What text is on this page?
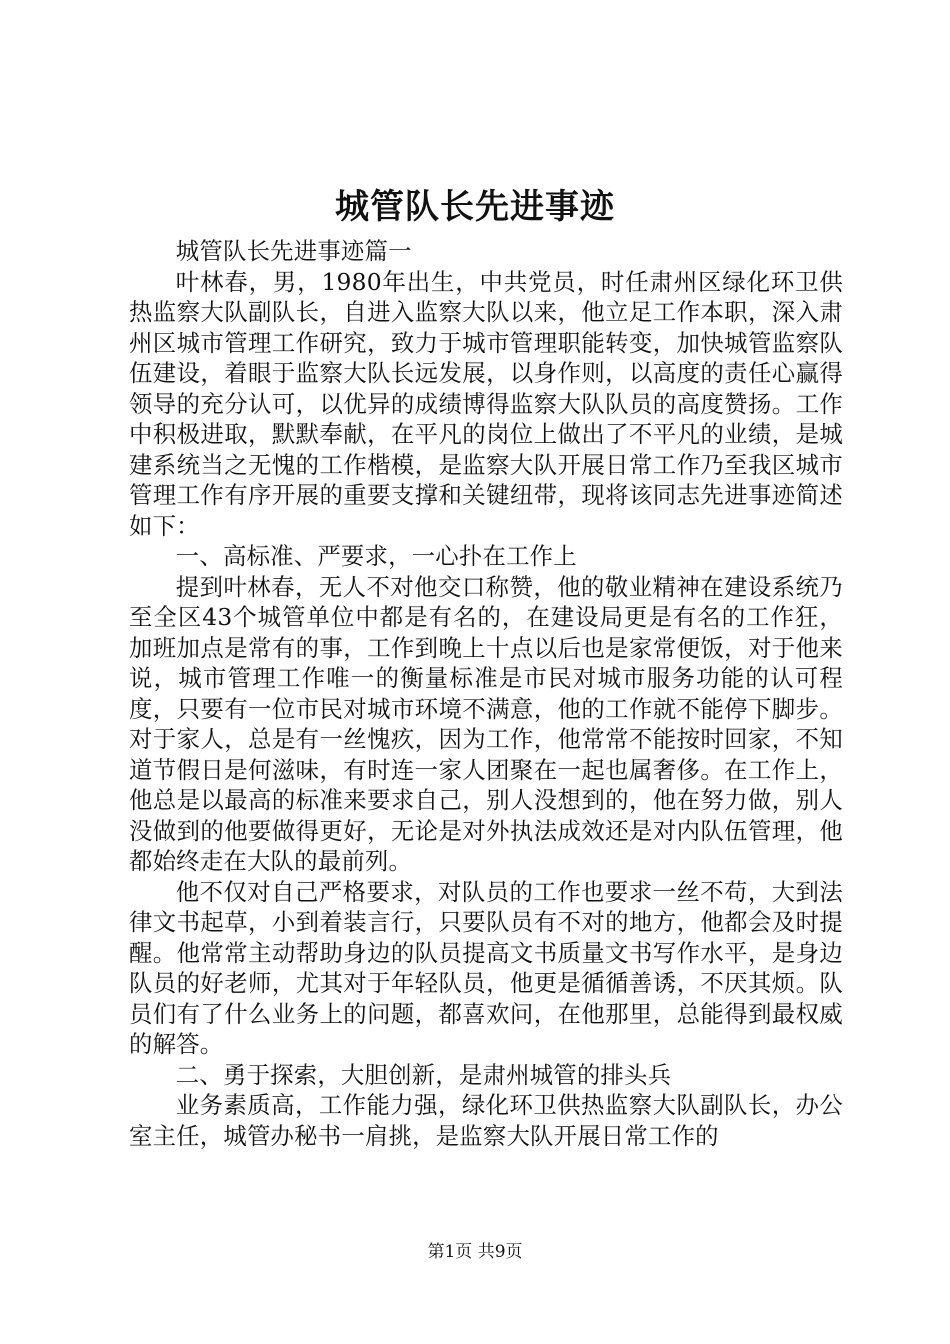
城管队长先进事迹

城管队长先进事迹篇一

叶林春，男，1980年出生，中共党员，时任肃州区绿化环卫供热监察大队副队长，自进入监察大队以来，他立足工作本职，深入肃州区城市管理工作研究，致力于城市管理职能转变，加快城管监察队伍建设，着眼于监察大队长远发展，以身作则，以高度的责任心赢得领导的充分认可，以优异的成绩博得监察大队队员的高度赞扬。工作中积极进取，默默奉献，在平凡的岗位上做出了不平凡的业绩，是城建系统当之无愧的工作楷模，是监察大队开展日常工作乃至我区城市管理工作有序开展的重要支撑和关键纽带，现将该同志先进事迹简述如下：

一、高标准、严要求，一心扑在工作上

提到叶林春，无人不对他交口称赞，他的敬业精神在建设系统乃至全区43个城管单位中都是有名的，在建设局更是有名的工作狂，加班加点是常有的事，工作到晚上十点以后也是家常便饭，对于他来说，城市管理工作唯一的衡量标准是市民对城市服务功能的认可程度，只要有一位市民对城市环境不满意，他的工作就不能停下脚步。对于家人，总是有一丝愧疚，因为工作，他常常不能按时回家，不知道节假日是何滋味，有时连一家人团聚在一起也属奢侈。在工作上，他总是以最高的标准来要求自己，别人没想到的，他在努力做，别人没做到的他要做得更好，无论是对外执法成效还是对内队伍管理，他都始终走在大队的最前列。

他不仅对自己严格要求，对队员的工作也要求一丝不苟，大到法律文书起草，小到着装言行，只要队员有不对的地方，他都会及时提醒。他常常主动帮助身边的队员提高文书质量文书写作水平，是身边队员的好老师，尤其对于年轻队员，他更是循循善诱，不厌其烦。队员们有了什么业务上的问题，都喜欢问，在他那里，总能得到最权威的解答。

二、勇于探索，大胆创新，是肃州城管的排头兵

业务素质高，工作能力强，绿化环卫供热监察大队副队长，办公室主任，城管办秘书一肩挑，是监察大队开展日常工作的

第1页 共9页
